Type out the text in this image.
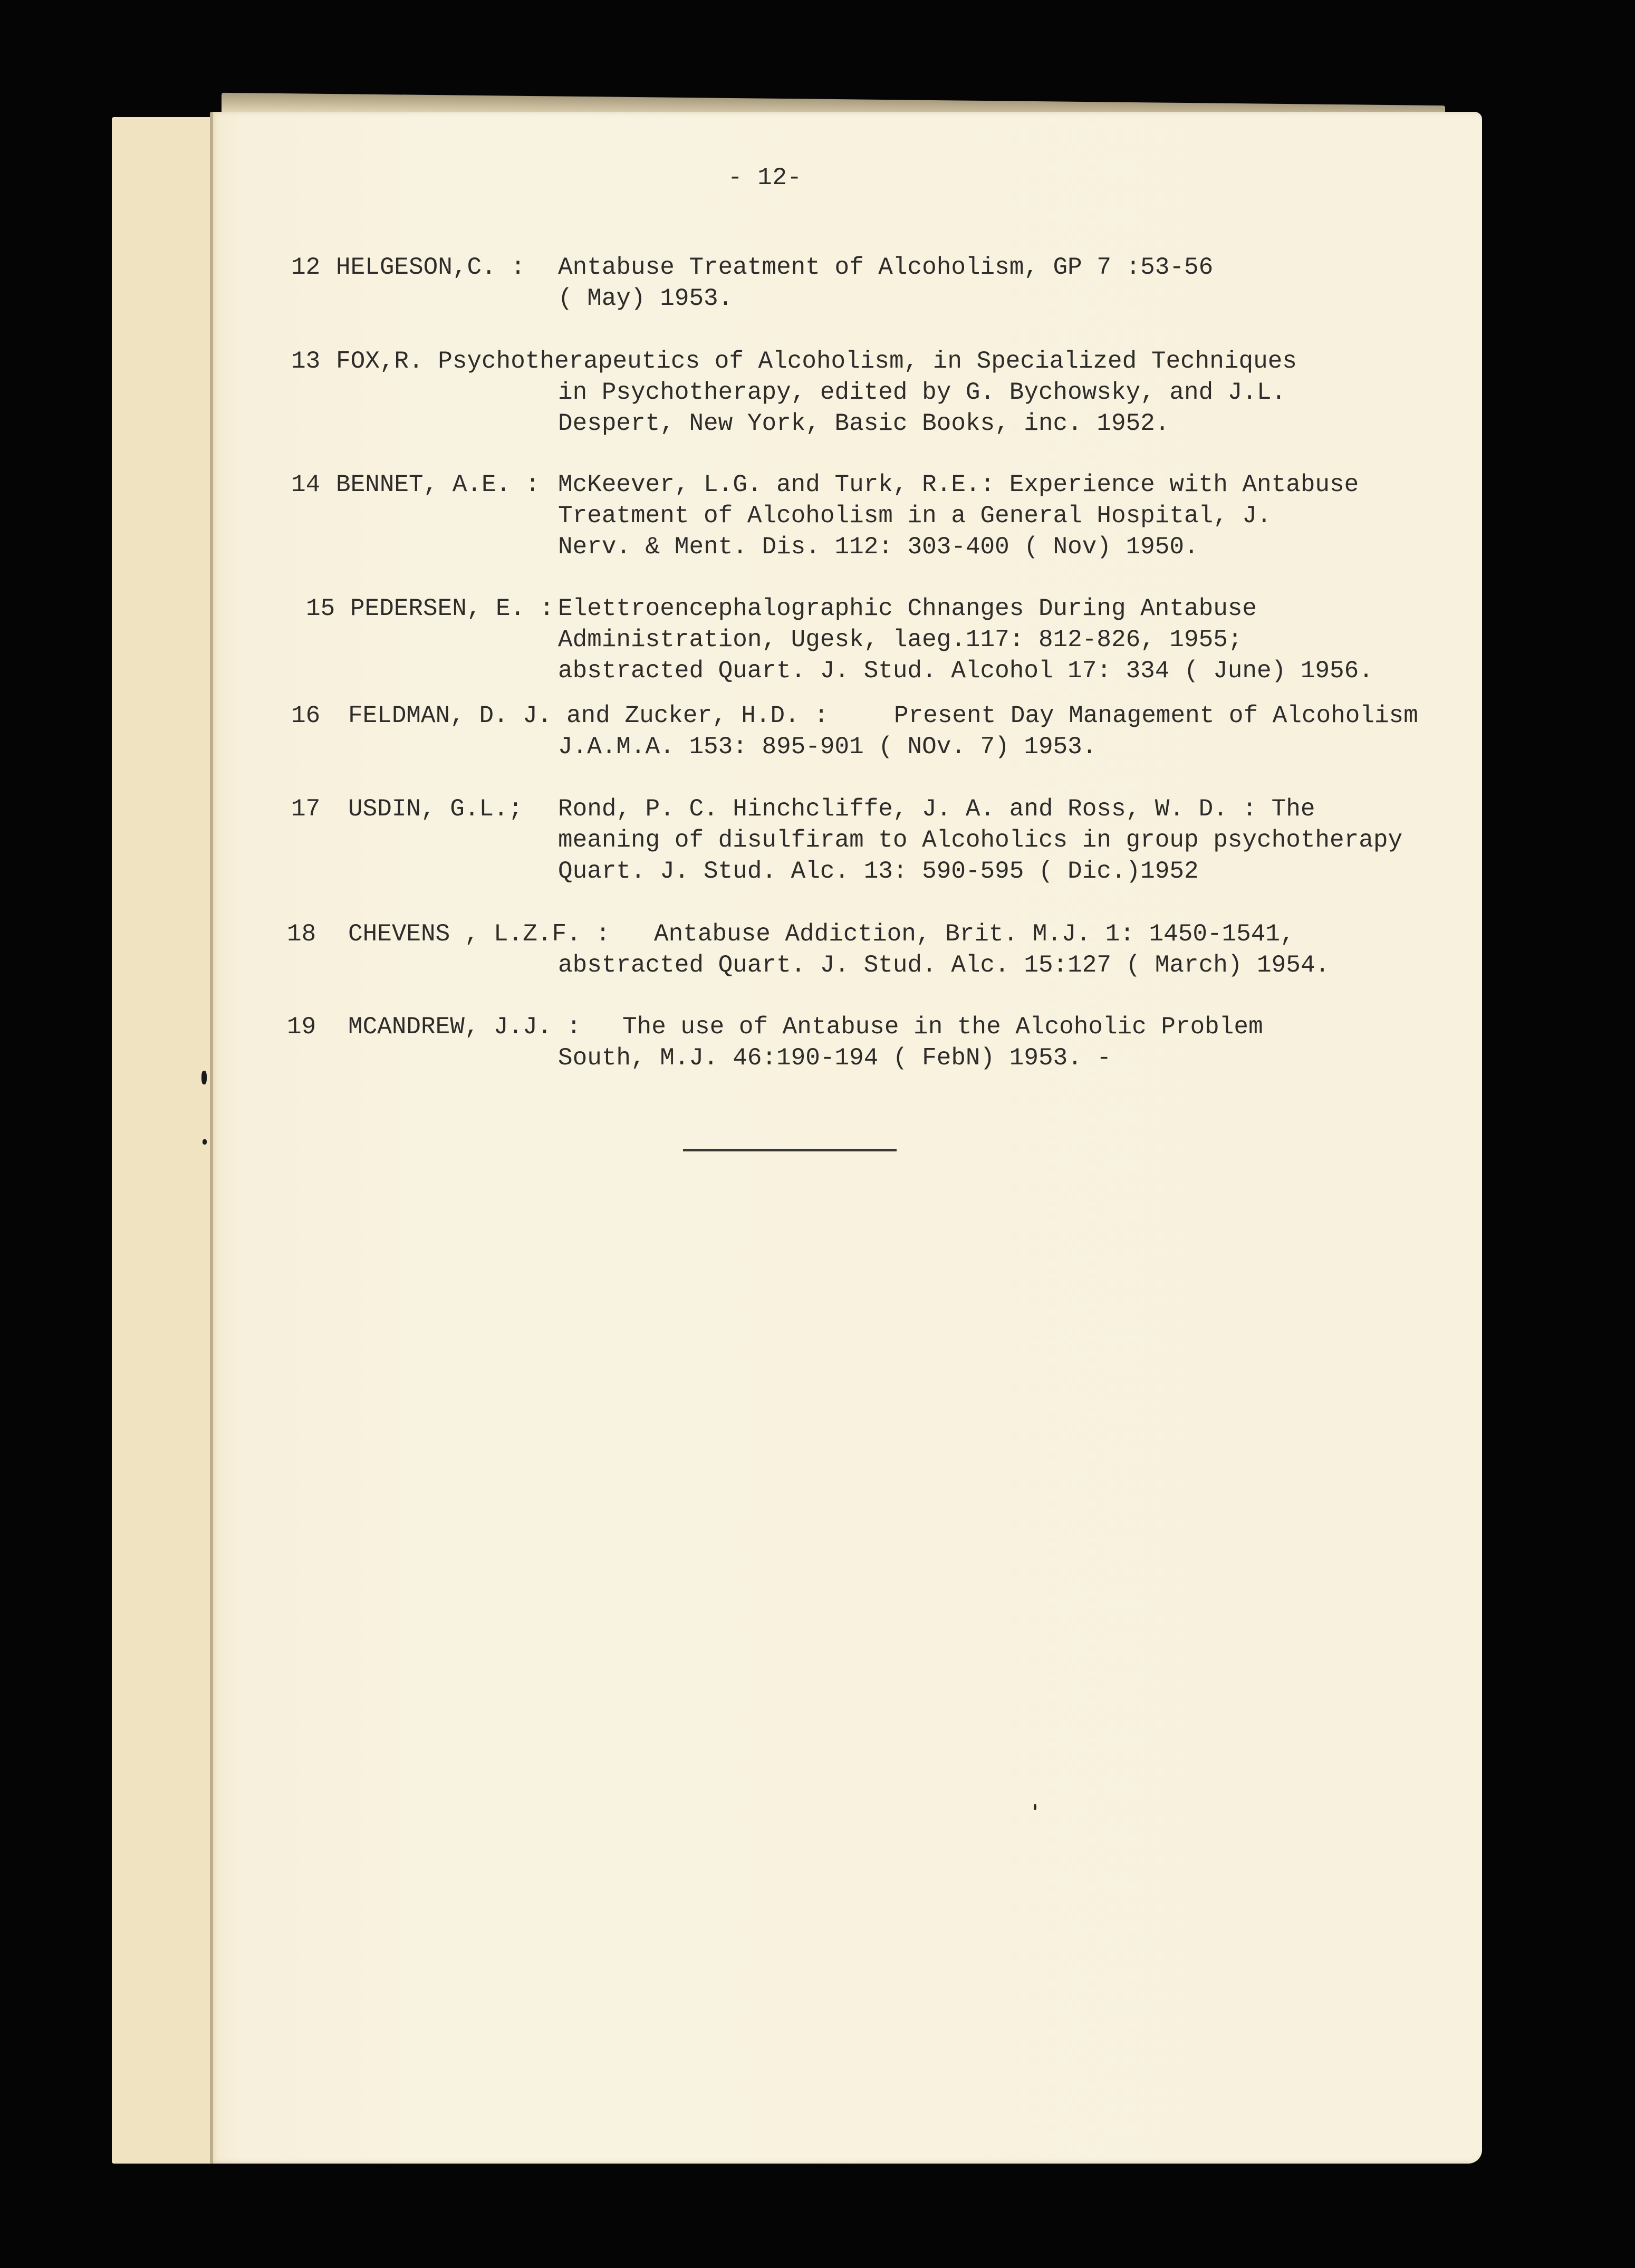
- 12-
12 HELGESON,C. : Antabuse Treatment of Alcoholism, GP 7 :53-56
( May) 1953.
13 FOX,R. Psychotherapeutics of Alcoholism, in Specialized Techniques
in Psychotherapy, edited by G. Bychowsky, and J.L.
Despert, New York, Basic Books, inc. 1952.
14 BENNET, A.E. : McKeever, L.G. and Turk, R.E.: Experience with Antabuse
Treatment of Alcoholism in a General Hospital, J.
Nerv. & Ment. Dis. 112: 303-400 ( Nov) 1950.
15 PEDERSEN, E. : Elettroencephalographic Chnanges During Antabuse
Administration, Ugesk, laeg.117: 812-826, 1955;
abstracted Quart. J. Stud. Alcohol 17: 334 ( June) 1956.
16 FELDMAN, D. J. and Zucker, H.D. :	Present Day Management of Alcoholism
J.A.M.A. 153: 895-901 ( NOv. 7) 1953.
17 USDIN, G.L.; Rond, P. C. Hinchcliffe, J. A. and Ross, W. D. : The
meaning of disulfiram to Alcoholics in group psychotherapy
Quart. J. Stud. Alc. 13: 590-595 ( Dic.)1952
18 CHEVENS , L.Z.F. : Antabuse Addiction, Brit. M.J. 1: 1450-1541,
abstracted Quart. J. Stud. Alc. 15:127 ( March) 1954.
19 MCANDREW, J.J. : The use of Antabuse in the Alcoholic Problem
South, M.J. 46:190-194 ( FebN) 1953. -
